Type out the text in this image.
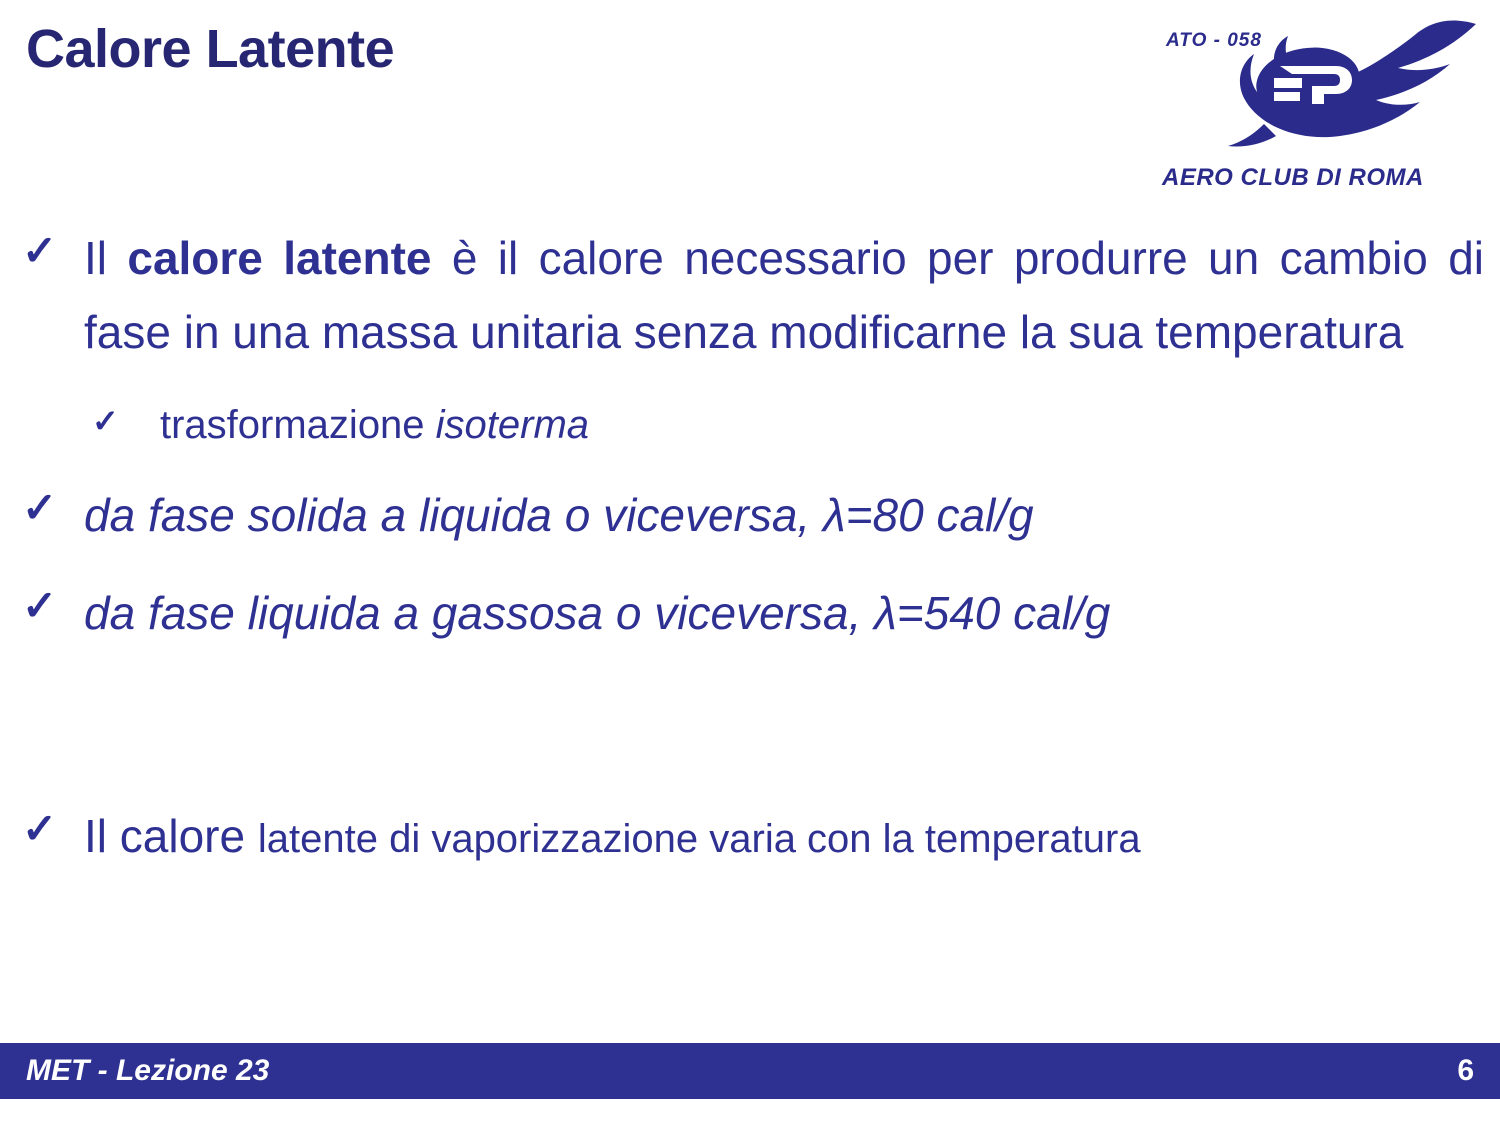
Calore Latente	ATO - 058
AERO CLUB DI ROMA
✓ Il calore latente è il calore necessario per produrre un cambio di fase in una massa unitaria senza modificarne la sua temperatura
✓	trasformazione isoterma
✓ da fase solida a liquida o viceversa, λ=80 cal/g
✓ da fase liquida a gassosa o viceversa, λ=540 cal/g
✓ Il calore latente di vaporizzazione varia con la temperatura
MET - Lezione 23	6
